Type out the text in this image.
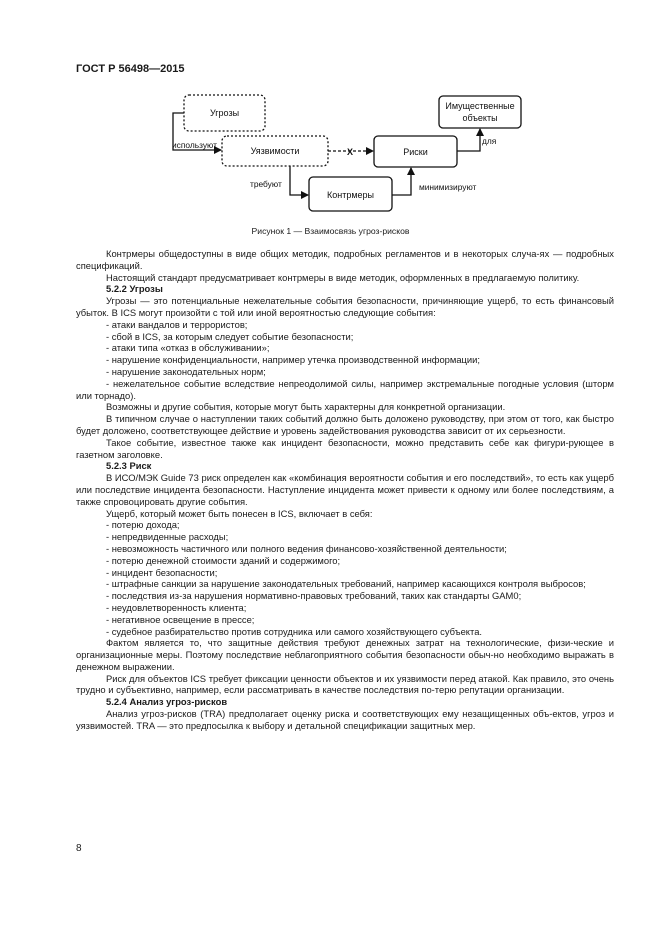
ГОСТ Р 56498—2015
Угрозы
Уязвимости	Риски
Имущественные
объекты
Контрмеры
используют
X
для
требуют	минимизируют
Рисунок 1 — Взаимосвязь угроз-рисков

Контрмеры общедоступны в виде общих методик, подробных регламентов и в некоторых случа-ях — подробных спецификаций.

Настоящий стандарт предусматривает контрмеры в виде методик, оформленных в предлагаемую политику.

5.2.2 Угрозы

Угрозы — это потенциальные нежелательные события безопасности, причиняющие ущерб, то есть финансовый убыток. В ICS могут произойти с той или иной вероятностью следующие события:

- атаки вандалов и террористов;

- сбой в ICS, за которым следует событие безопасности;

- атаки типа «отказ в обслуживании»;

- нарушение конфиденциальности, например утечка производственной информации;

- нарушение законодательных норм;

- нежелательное событие вследствие непреодолимой силы, например экстремальные погодные условия (шторм или торнадо).

Возможны и другие события, которые могут быть характерны для конкретной организации.

В типичном случае о наступлении таких событий должно быть доложено руководству, при этом от того, как быстро будет доложено, соответствующее действие и уровень задействования руководства зависит от их серьезности.

Такое событие, известное также как инцидент безопасности, можно представить себе как фигури-рующее в газетном заголовке.

5.2.3 Риск

В ИСО/МЭК Guide 73 риск определен как «комбинация вероятности события и его последствий», то есть как ущерб или последствие инцидента безопасности. Наступление инцидента может привести к одному или более последствиям, а также спровоцировать другие события.

Ущерб, который может быть понесен в ICS, включает в себя:

- потерю дохода;

- непредвиденные расходы;

- невозможность частичного или полного ведения финансово-хозяйственной деятельности;

- потерю денежной стоимости зданий и содержимого;

- инцидент безопасности;

- штрафные санкции за нарушение законодательных требований, например касающихся контроля выбросов;

- последствия из-за нарушения нормативно-правовых требований, таких как стандарты GAM0;

- неудовлетворенность клиента;

- негативное освещение в прессе;

- судебное разбирательство против сотрудника или самого хозяйствующего субъекта.

Фактом является то, что защитные действия требуют денежных затрат на технологические, физи-ческие и организационные меры. Поэтому последствие неблагоприятного события безопасности обыч-но необходимо выражать в денежном выражении.

Риск для объектов ICS требует фиксации ценности объектов и их уязвимости перед атакой. Как правило, это очень трудно и субъективно, например, если рассматривать в качестве последствия по-терю репутации организации.

5.2.4 Анализ угроз-рисков

Анализ угроз-рисков (TRA) предполагает оценку риска и соответствующих ему незащищенных объ-ектов, угроз и уязвимостей. TRA — это предпосылка к выбору и детальной спецификации защитных мер.

8
